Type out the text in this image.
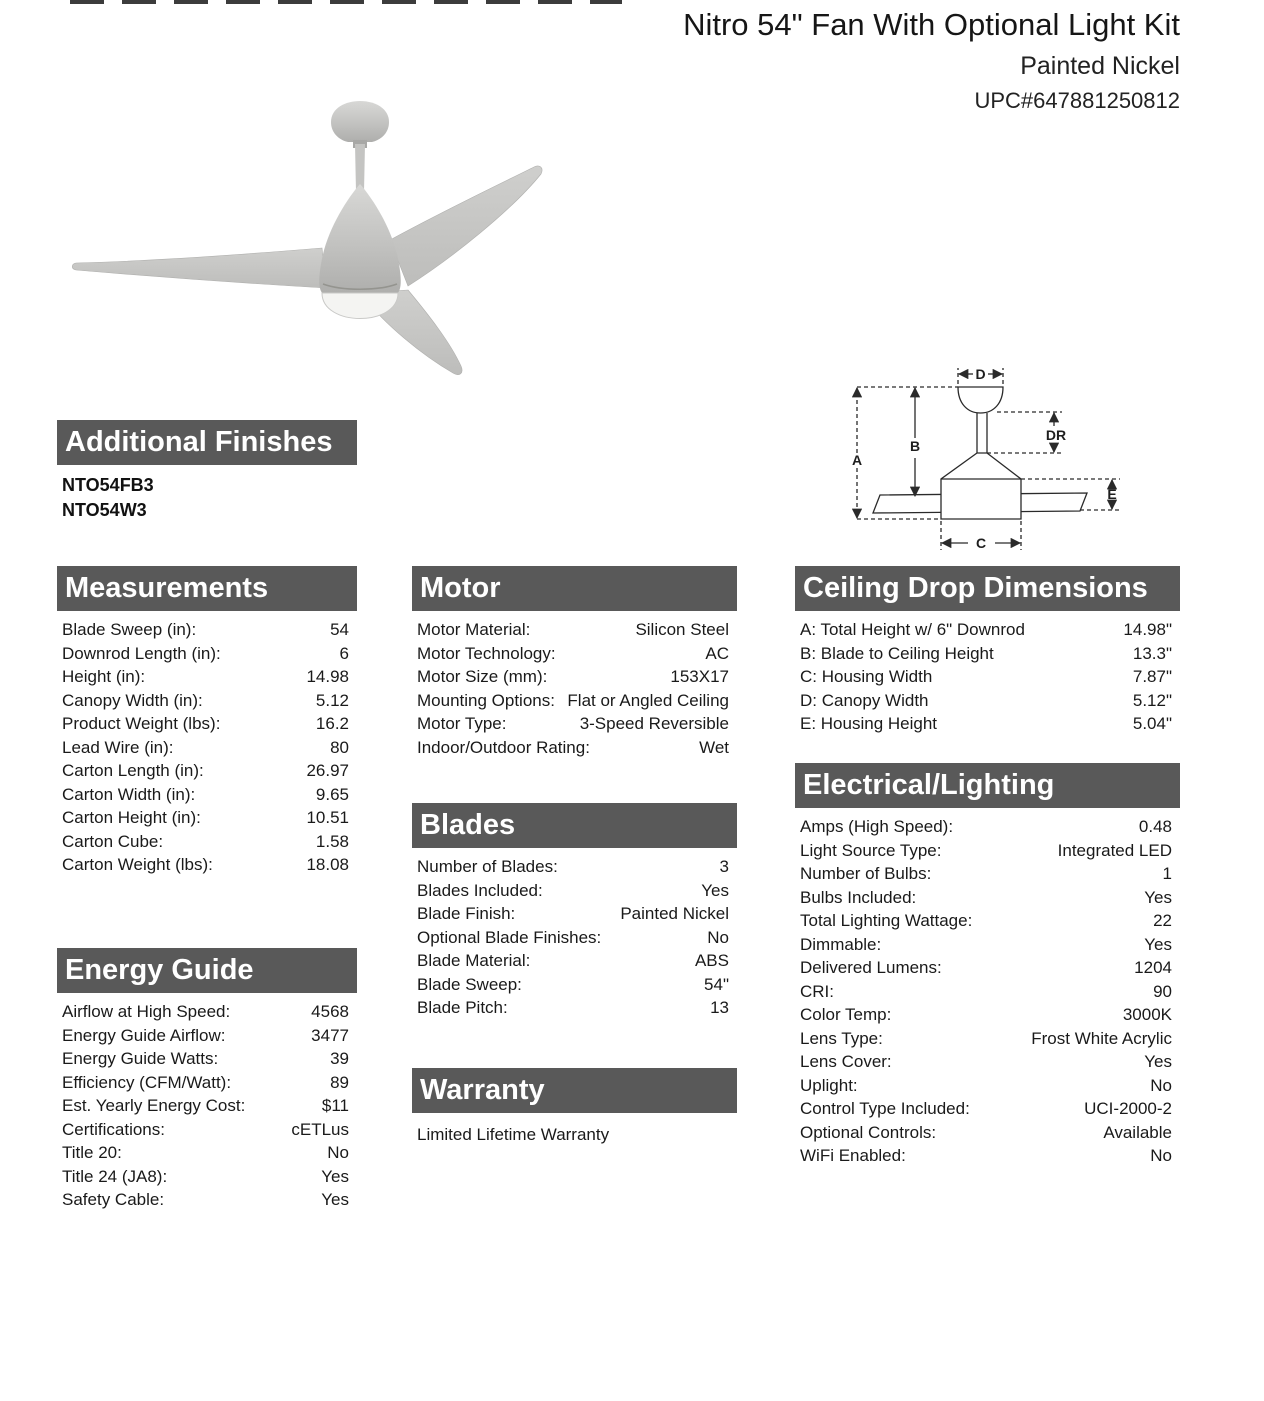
Nitro 54" Fan With Optional Light Kit
Painted Nickel
UPC#647881250812
D
A
B
DR
E
C
Additional Finishes
NTO54FB3
NTO54W3
Measurements
Blade Sweep (in):	54
Downrod Length (in):	6
Height (in):	14.98
Canopy Width (in):	5.12
Product Weight (lbs):	16.2
Lead Wire (in):	80
Carton Length (in):	26.97
Carton Width (in):	9.65
Carton Height (in):	10.51
Carton Cube:	1.58
Carton Weight (lbs):	18.08
Energy Guide
Airflow at High Speed:	4568
Energy Guide Airflow:	3477
Energy Guide Watts:	39
Efficiency (CFM/Watt):	89
Est. Yearly Energy Cost:	$11
Certifications:	cETLus
Title 20:	No
Title 24 (JA8):	Yes
Safety Cable:	Yes
Motor
Motor Material:	Silicon Steel
Motor Technology:	AC
Motor Size (mm):	153X17
Mounting Options: Flat or Angled Ceiling
Motor Type:	3-Speed Reversible
Indoor/Outdoor Rating:	Wet
Blades
Number of Blades:	3
Blades Included:	Yes
Blade Finish:	Painted Nickel
Optional Blade Finishes:	No
Blade Material:	ABS
Blade Sweep:	54"
Blade Pitch:	13
Warranty
Limited Lifetime Warranty
Ceiling Drop Dimensions
A: Total Height w/ 6" Downrod	14.98"
B: Blade to Ceiling Height	13.3"
C: Housing Width	7.87"
D: Canopy Width	5.12"
E: Housing Height	5.04"
Electrical/Lighting
Amps (High Speed):	0.48
Light Source Type:	Integrated LED
Number of Bulbs:	1
Bulbs Included:	Yes
Total Lighting Wattage:	22
Dimmable:	Yes
Delivered Lumens:	1204
CRI:	90
Color Temp:	3000K
Lens Type:	Frost White Acrylic
Lens Cover:	Yes
Uplight:	No
Control Type Included:	UCI-2000-2
Optional Controls:	Available
WiFi Enabled:	No
